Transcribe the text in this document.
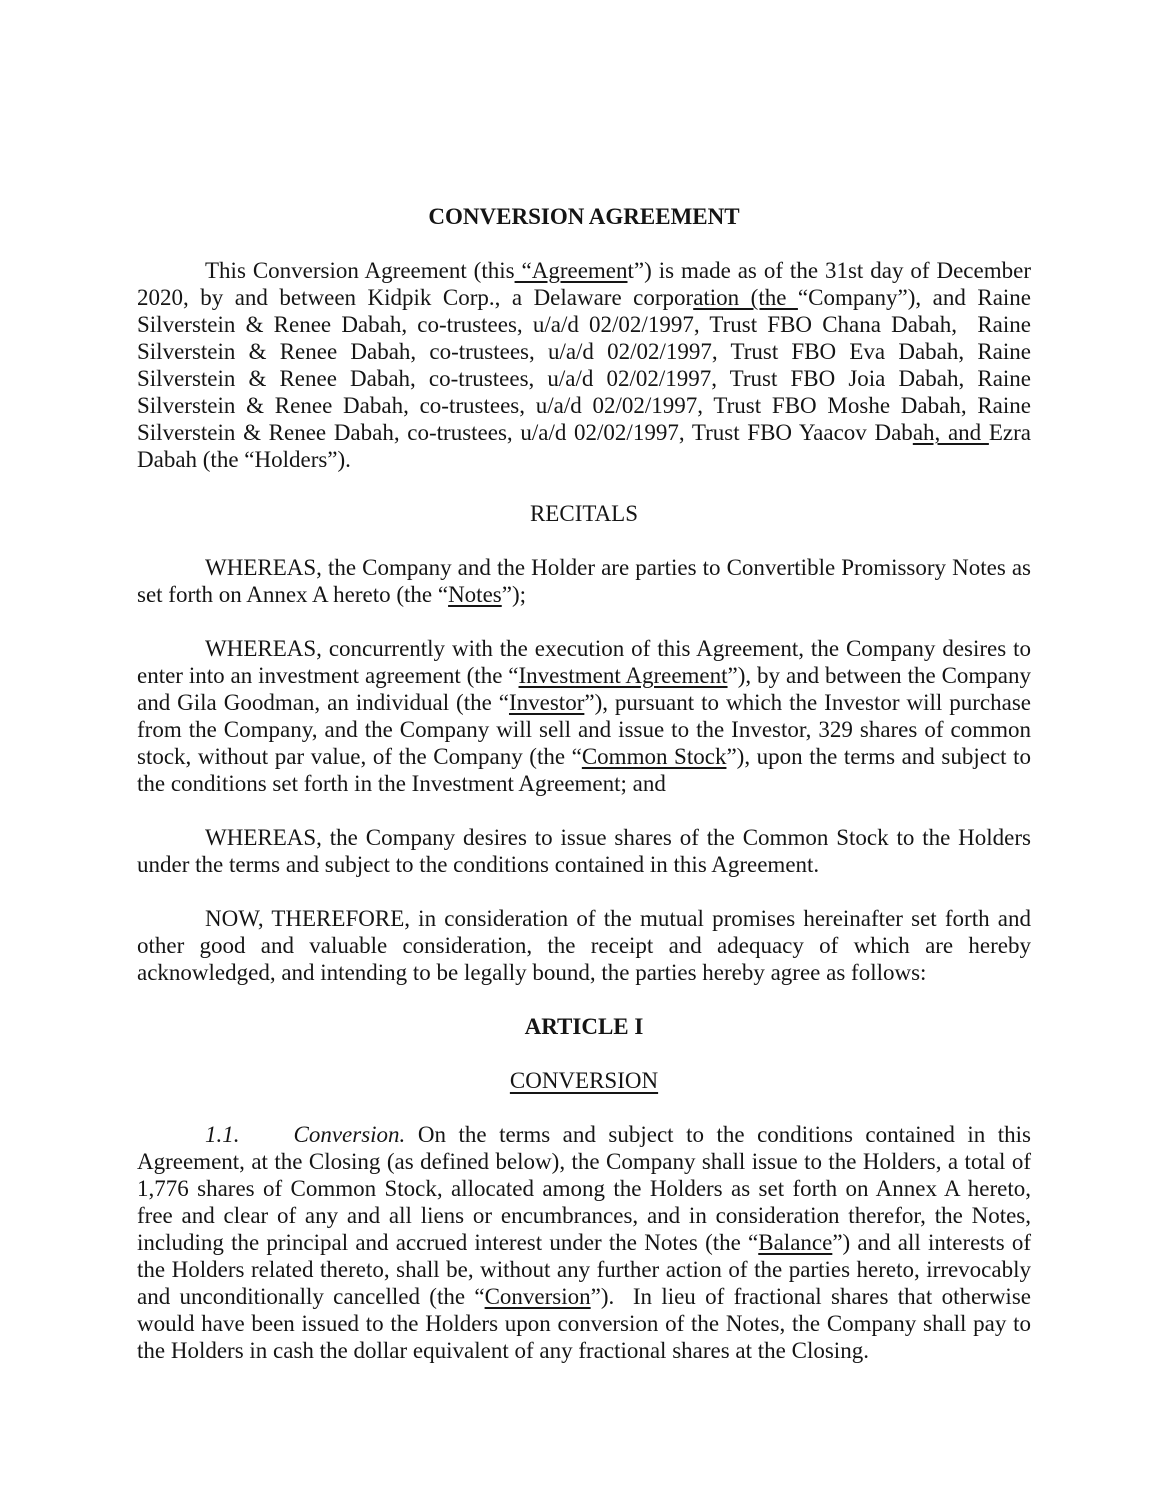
CONVERSION AGREEMENT

This Conversion Agreement (this “Agreement”) is made as of the 31st day of December 2020, by and between Kidpik Corp., a Delaware corporation (the “Company”), and Raine Silverstein & Renee Dabah, co-trustees, u/a/d 02/02/1997, Trust FBO Chana Dabah,  Raine Silverstein & Renee Dabah, co-trustees, u/a/d 02/02/1997, Trust FBO Eva Dabah, Raine Silverstein & Renee Dabah, co-trustees, u/a/d 02/02/1997, Trust FBO Joia Dabah, Raine Silverstein & Renee Dabah, co-trustees, u/a/d 02/02/1997, Trust FBO Moshe Dabah, Raine Silverstein & Renee Dabah, co-trustees, u/a/d 02/02/1997, Trust FBO Yaacov Dabah, and Ezra Dabah (the “Holders”).

RECITALS

WHEREAS, the Company and the Holder are parties to Convertible Promissory Notes as set forth on Annex A hereto (the “Notes”);

WHEREAS, concurrently with the execution of this Agreement, the Company desires to enter into an investment agreement (the “Investment Agreement”), by and between the Company and Gila Goodman, an individual (the “Investor”), pursuant to which the Investor will purchase from the Company, and the Company will sell and issue to the Investor, 329 shares of common stock, without par value, of the Company (the “Common Stock”), upon the terms and subject to the conditions set forth in the Investment Agreement; and

WHEREAS, the Company desires to issue shares of the Common Stock to the Holders under the terms and subject to the conditions contained in this Agreement.

NOW, THEREFORE, in consideration of the mutual promises hereinafter set forth and other good and valuable consideration, the receipt and adequacy of which are hereby acknowledged, and intending to be legally bound, the parties hereby agree as follows:

ARTICLE I
CONVERSION

1.1. Conversion. On the terms and subject to the conditions contained in this Agreement, at the Closing (as defined below), the Company shall issue to the Holders, a total of 1,776 shares of Common Stock, allocated among the Holders as set forth on Annex A hereto, free and clear of any and all liens or encumbrances, and in consideration therefor, the Notes, including the principal and accrued interest under the Notes (the “Balance”) and all interests of the Holders related thereto, shall be, without any further action of the parties hereto, irrevocably and unconditionally cancelled (the “Conversion”).  In lieu of fractional shares that otherwise would have been issued to the Holders upon conversion of the Notes, the Company shall pay to the Holders in cash the dollar equivalent of any fractional shares at the Closing.
